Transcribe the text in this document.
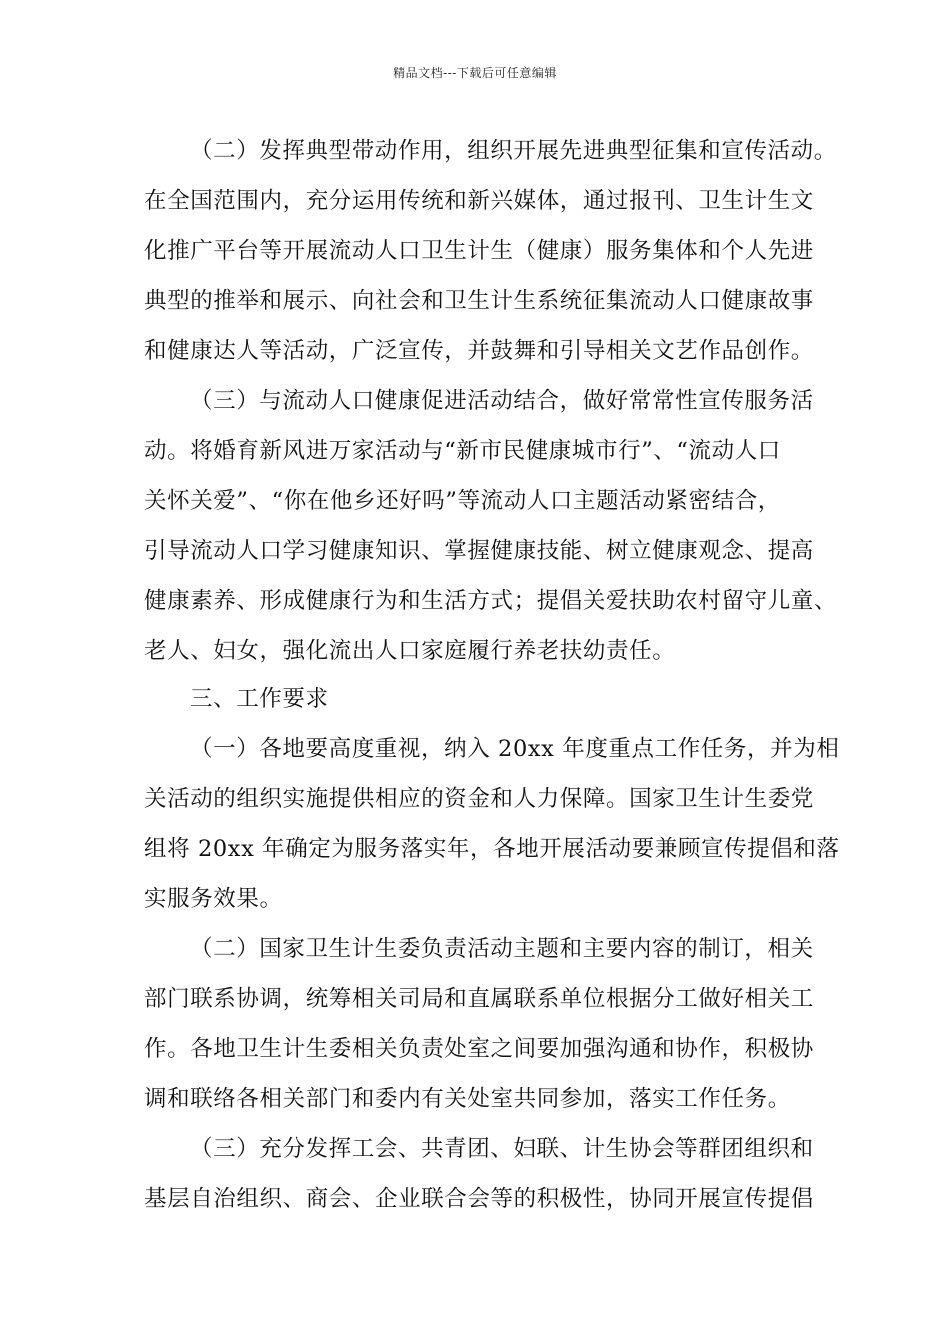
精品文档---下载后可任意编辑
（二）发挥典型带动作用，组织开展先进典型征集和宣传活动。
在全国范围内，充分运用传统和新兴媒体，通过报刊、卫生计生文
化推广平台等开展流动人口卫生计生（健康）服务集体和个人先进
典型的推举和展示、向社会和卫生计生系统征集流动人口健康故事
和健康达人等活动，广泛宣传，并鼓舞和引导相关文艺作品创作。
（三）与流动人口健康促进活动结合，做好常常性宣传服务活
动。将婚育新风进万家活动与“新市民健康城市行”、“流动人口
关怀关爱”、“你在他乡还好吗”等流动人口主题活动紧密结合，
引导流动人口学习健康知识、掌握健康技能、树立健康观念、提高
健康素养、形成健康行为和生活方式；提倡关爱扶助农村留守儿童、
老人、妇女，强化流出人口家庭履行养老扶幼责任。
三、工作要求
（一）各地要高度重视，纳入 20xx 年度重点工作任务，并为相
关活动的组织实施提供相应的资金和人力保障。国家卫生计生委党
组将 20xx 年确定为服务落实年，各地开展活动要兼顾宣传提倡和落
实服务效果。
（二）国家卫生计生委负责活动主题和主要内容的制订，相关
部门联系协调，统筹相关司局和直属联系单位根据分工做好相关工
作。各地卫生计生委相关负责处室之间要加强沟通和协作，积极协
调和联络各相关部门和委内有关处室共同参加，落实工作任务。
（三）充分发挥工会、共青团、妇联、计生协会等群团组织和
基层自治组织、商会、企业联合会等的积极性，协同开展宣传提倡
